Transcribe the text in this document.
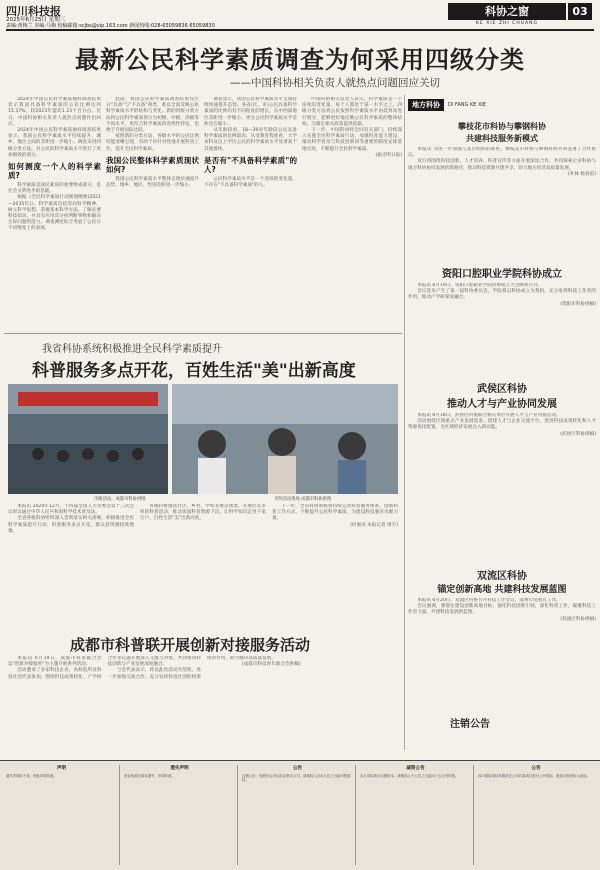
四川科技报
2025年6月25日 星期三
责编:黄梅兰 美编:马梅 校稿邮箱:scjbs@vip.163.com 新闻热线:028-65059836 65059830
科协之窗	03
KE XIE ZHI CHUANG
最新公民科学素质调查为何采用四级分类
——中国科协相关负责人就热点问题回应关切

2024年中国公民科学素质抽样调查结果显示我国具备科学素质的公民比例达到15.37%，较2023年提高1.23个百分点。近日，中国科协相关负责人就热点问题作出回应。

2024年中国公民科学素质抽样调查结果显示，我国公民科学素质水平持续提升，城乡、地区之间的差距进一步缩小。调查采用四级分类方法，对公民的科学素质水平进行了更加细致的划分。

如何测度一个人的科学素质?

科学素质是国民素质的重要组成部分，是社会文明进步的基础。

根据《全民科学素质行动规划纲要(2021—2035年)》，科学素质包括崇尚科学精神、树立科学思想、掌握基本科学方法、了解必要科技知识，并具有应用其分析判断事物和解决实际问题的能力。调查测度综合考虑了公民在不同维度上的表现。

此前，我国公民科学素质调查结果仅区分"具备"与"不具备"两类，难以全面反映公民科学素质水平的结构与变化。新的四级分类方法将公民科学素质划分为初级、中级、高级等不同水平，更符合科学素质的连续性特征，也便于开展国际比较。

按照新的分类方法，各级水平的公民比例均能清晰呈现，有助于有针对性地开展科普工作，提升全民科学素质。

我国公民整体科学素质现状如何?

我国公民科学素质水平整体呈现快速提升态势，城乡、地区、性别差距进一步缩小。

调查显示，我国公民科学素质水平呈现持续快速提升态势。各省(区、市)公民具备科学素质的比例均有不同程度的增长，东中西部地区差距进一步缩小。男女公民科学素质水平差距也在缩小。

从年龄段看，18—39岁年龄段公民具备科学素质的比例最高；从受教育程度看，大学本科及以上学历公民的科学素质水平显著高于其他群体。

是否有"不具备科学素质"的人?

公民科学素质水平是一个连续的变化量，不存在"不具备科学素质"的人。

中国科协相关负责人表示，科学素质是一个连续的变化量，每个人都处于某一水平之上。四级分类方法将公民按照科学素质水平由低到高进行划分，能够更好地反映公民科学素质的整体结构，为制定相关政策提供依据。

下一步，中国科协将会同有关部门，持续深入实施全民科学素质行动，加强科普能力建设，推动科学普及与科技创新同等重要的制度安排落地见效，不断提升全民科学素质。

(据光明日报)
地方科协	DI FANG KE XIE
攀枝花市科协与攀钢科协
共建科技服务新模式

本报讯 为进一步加强与基层组织的联系，攀枝花市科协与攀钢科协共同签署了合作协议。

双方将围绕科技创新、人才培养、科普宣传等方面开展深度合作，共同探索企业科协与地方科协协同发展的新路径，推动科技资源共建共享，助力地方经济高质量发展。

(叶林 杨春雷)
资阳口腔职业学院科协成立

本报讯 6月19日，资阳口腔职业学院科协成立大会顺利召开。

会议选举产生了第一届科协委员会，学院将以科协成立为契机，充分发挥科技工作者的作用，推动产学研深度融合。

(资阳市科协供稿)
武侯区科协
推动人才与产业协同发展

本报讯 6月18日，武侯区科协联合相关单位开展人才与产业对接活动。

活动围绕区域重点产业发展需求，搭建人才与企业交流平台，促进科技成果转化和人才资源优化配置，为区域经济发展注入新动能。

(武侯区科协供稿)
双流区科协
锚定创新高地 共建科技发展蓝图

本报讯 6月20日，双流区科协召开科技工作会议，部署年度重点工作。

会议强调，要锚定建设创新高地目标，强化科技创新引领，深化科普工作，凝聚科技工作者力量，共建科技发展新蓝图。

(双流区科协供稿)
我省科协系统积极推进全民科学素质提升
科普服务多点开花，百姓生活"美"出新高度
市级活动。成都市科协供图	光明活动现场 成都市科协供图

本报讯 2024年12月，十四届全国人大常委会第十三次会议审议通过中华人民共和国科学技术普及法。

全省各级科协组织深入贯彻落实相关部署，积极推进全民科学素质提升行动，科普服务多点开花，群众获得感持续增强。

各地科协围绕社区、乡村、学校等重点场景，开展形式多样的科普活动，推动优质科普资源下沉，让科学知识走进千家万户，百姓生活"美"出新高度。

下一步，全省科协系统将持续完善科普服务体系，创新科普工作方式，不断提升公民科学素质，为建设科技强省贡献力量。

(何俊涛 本报记者 周宇)
成都市科普联开展创新对接服务活动

本报讯 6月19日，成都市科普联合会以"创新对接服务"为主题开展系列活动。

活动邀请了多家科技企业、高校院所及科技社团代表参加，围绕科技成果转化、产学研合作等议题开展深入交流与对接，共同推动科技创新与产业发展深度融合。

与会代表表示，将以此次活动为契机，进一步加强交流合作，充分发挥科技社团的桥梁纽带作用，助力城市高质量发展。

(成都市科技青年联合会供稿)
注销公告
声明
遗失声明若干条，特此声明作废。
遗失声明
营业执照正副本遗失，声明作废。
公告
注销公告：经股东会决议拟注销本公司，请债权人自本公告之日起申报债权。
减资公告
本公司拟减少注册资本，请债权人于公告之日起四十五日内申报。
公告
四川国际招标有限责任公司对某项目进行公开招标，欢迎合格投标人参加。
